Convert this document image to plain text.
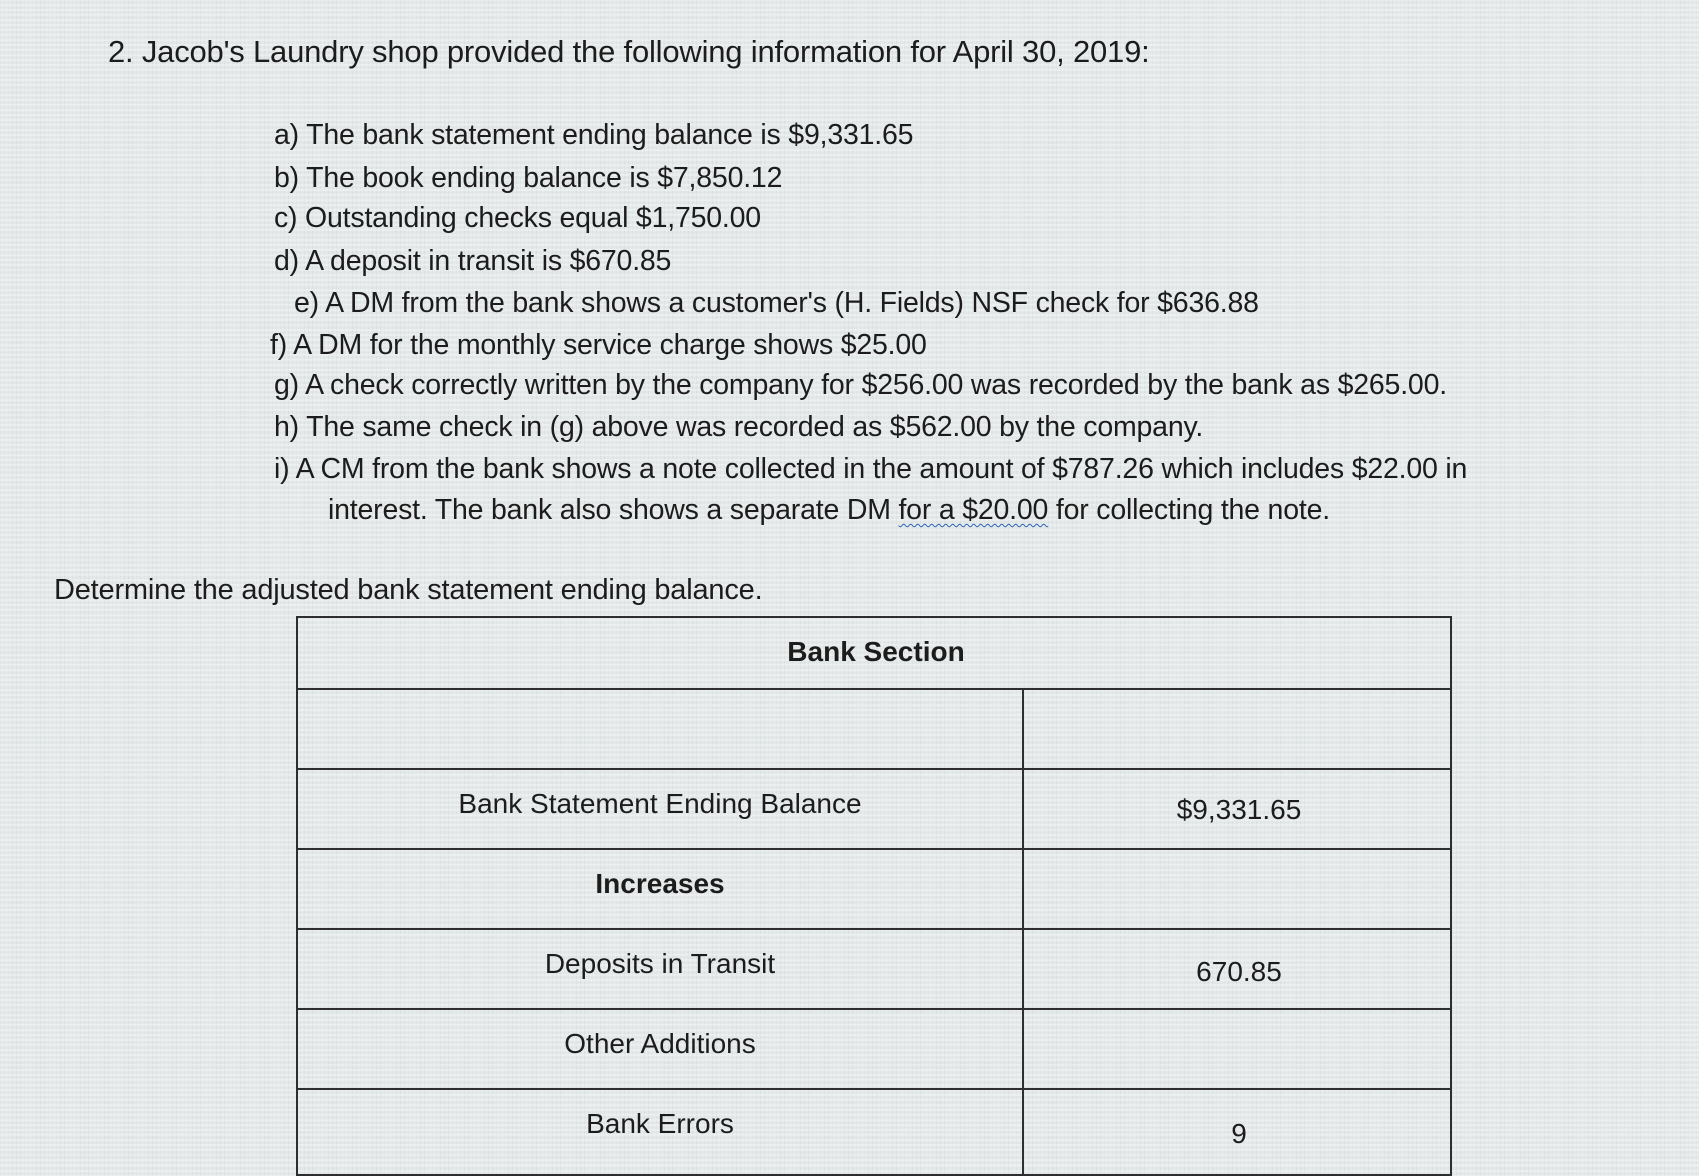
2. Jacob's Laundry shop provided the following information for April 30, 2019:
a) The bank statement ending balance is $9,331.65
b) The book ending balance is $7,850.12
c) Outstanding checks equal $1,750.00
d) A deposit in transit is $670.85
e) A DM from the bank shows a customer's (H. Fields) NSF check for $636.88
f) A DM for the monthly service charge shows $25.00
g) A check correctly written by the company for $256.00 was recorded by the bank as $265.00.
h) The same check in (g) above was recorded as $562.00 by the company.
i) A CM from the bank shows a note collected in the amount of $787.26 which includes $22.00 in
interest. The bank also shows a separate DM for a $20.00 for collecting the note.
Determine the adjusted bank statement ending balance.
Bank Section
Bank Statement Ending Balance	$9,331.65
Increases
Deposits in Transit	670.85
Other Additions
Bank Errors	9
